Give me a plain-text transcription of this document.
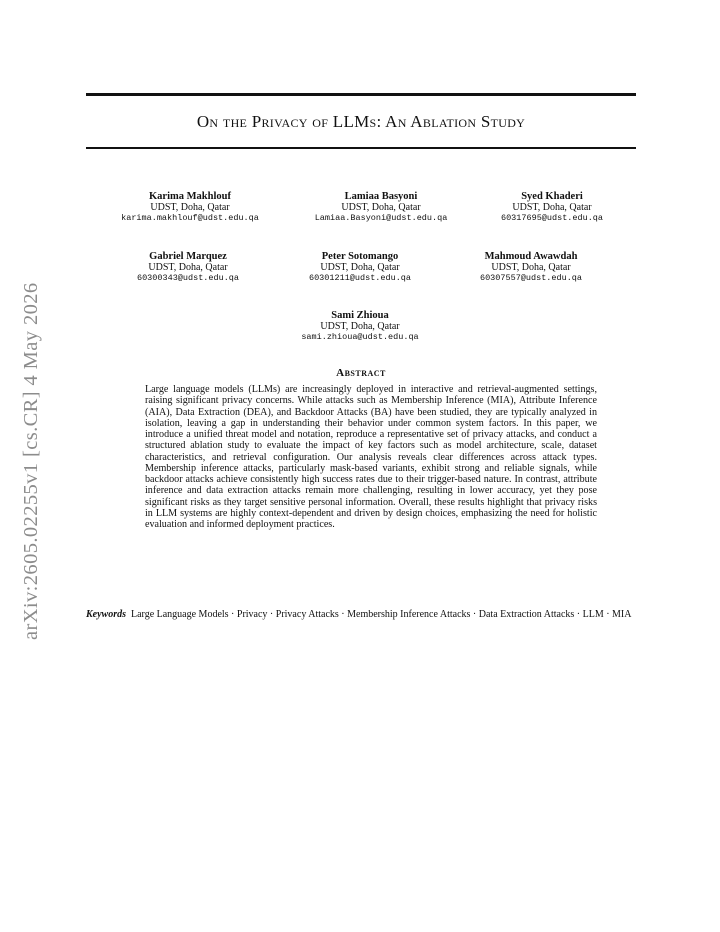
arXiv:2605.02255v1 [cs.CR] 4 May 2026
On the Privacy of LLMs: An Ablation Study
Karima Makhlouf
UDST, Doha, Qatar
karima.makhlouf@udst.edu.qa
Lamiaa Basyoni
UDST, Doha, Qatar
Lamiaa.Basyoni@udst.edu.qa
Syed Khaderi
UDST, Doha, Qatar
60317695@udst.edu.qa
Gabriel Marquez
UDST, Doha, Qatar
60300343@udst.edu.qa
Peter Sotomango
UDST, Doha, Qatar
60301211@udst.edu.qa
Mahmoud Awawdah
UDST, Doha, Qatar
60307557@udst.edu.qa
Sami Zhioua
UDST, Doha, Qatar
sami.zhioua@udst.edu.qa
Abstract
Large language models (LLMs) are increasingly deployed in interactive and retrieval-augmented settings, raising significant privacy concerns. While attacks such as Membership Inference (MIA), Attribute Inference (AIA), Data Extraction (DEA), and Backdoor Attacks (BA) have been studied, they are typically analyzed in isolation, leaving a gap in understanding their behavior under common system factors. In this paper, we introduce a unified threat model and notation, reproduce a representative set of privacy attacks, and conduct a structured ablation study to evaluate the impact of key factors such as model architecture, scale, dataset characteristics, and retrieval configuration. Our analysis reveals clear differences across attack types. Membership inference attacks, particularly mask-based variants, exhibit strong and reliable signals, while backdoor attacks achieve consistently high success rates due to their trigger-based nature. In contrast, attribute inference and data extraction attacks remain more challenging, resulting in lower accuracy, yet they pose significant risks as they target sensitive personal information. Overall, these results highlight that privacy risks in LLM systems are highly context-dependent and driven by design choices, emphasizing the need for holistic evaluation and informed deployment practices.
Keywords Large Language Models · Privacy · Privacy Attacks · Membership Inference Attacks · Data Extraction Attacks · LLM · MIA
